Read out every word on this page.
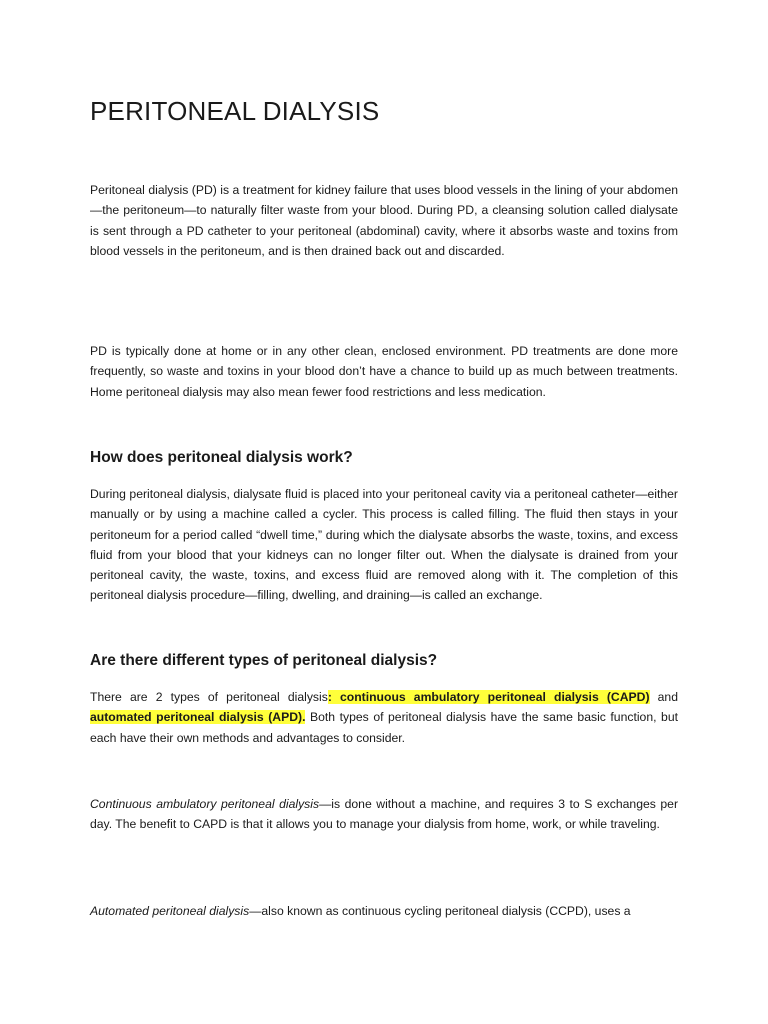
PERITONEAL DIALYSIS

Peritoneal dialysis (PD) is a treatment for kidney failure that uses blood vessels in the lining of your abdomen—the peritoneum—to naturally filter waste from your blood. During PD, a cleansing solution called dialysate is sent through a PD catheter to your peritoneal (abdominal) cavity, where it absorbs waste and toxins from blood vessels in the peritoneum, and is then drained back out and discarded.

PD is typically done at home or in any other clean, enclosed environment. PD treatments are done more frequently, so waste and toxins in your blood don’t have a chance to build up as much between treatments. Home peritoneal dialysis may also mean fewer food restrictions and less medication.

How does peritoneal dialysis work?

During peritoneal dialysis, dialysate fluid is placed into your peritoneal cavity via a peritoneal catheter—either manually or by using a machine called a cycler. This process is called filling. The fluid then stays in your peritoneum for a period called “dwell time,” during which the dialysate absorbs the waste, toxins, and excess fluid from your blood that your kidneys can no longer filter out. When the dialysate is drained from your peritoneal cavity, the waste, toxins, and excess fluid are removed along with it. The completion of this peritoneal dialysis procedure—filling, dwelling, and draining—is called an exchange.

Are there different types of peritoneal dialysis?

There are 2 types of peritoneal dialysis: continuous ambulatory peritoneal dialysis (CAPD) and automated peritoneal dialysis (APD). Both types of peritoneal dialysis have the same basic function, but each have their own methods and advantages to consider.

Continuous ambulatory peritoneal dialysis—is done without a machine, and requires 3 to S exchanges per day. The benefit to CAPD is that it allows you to manage your dialysis from home, work, or while traveling.

Automated peritoneal dialysis—also known as continuous cycling peritoneal dialysis (CCPD), uses a
